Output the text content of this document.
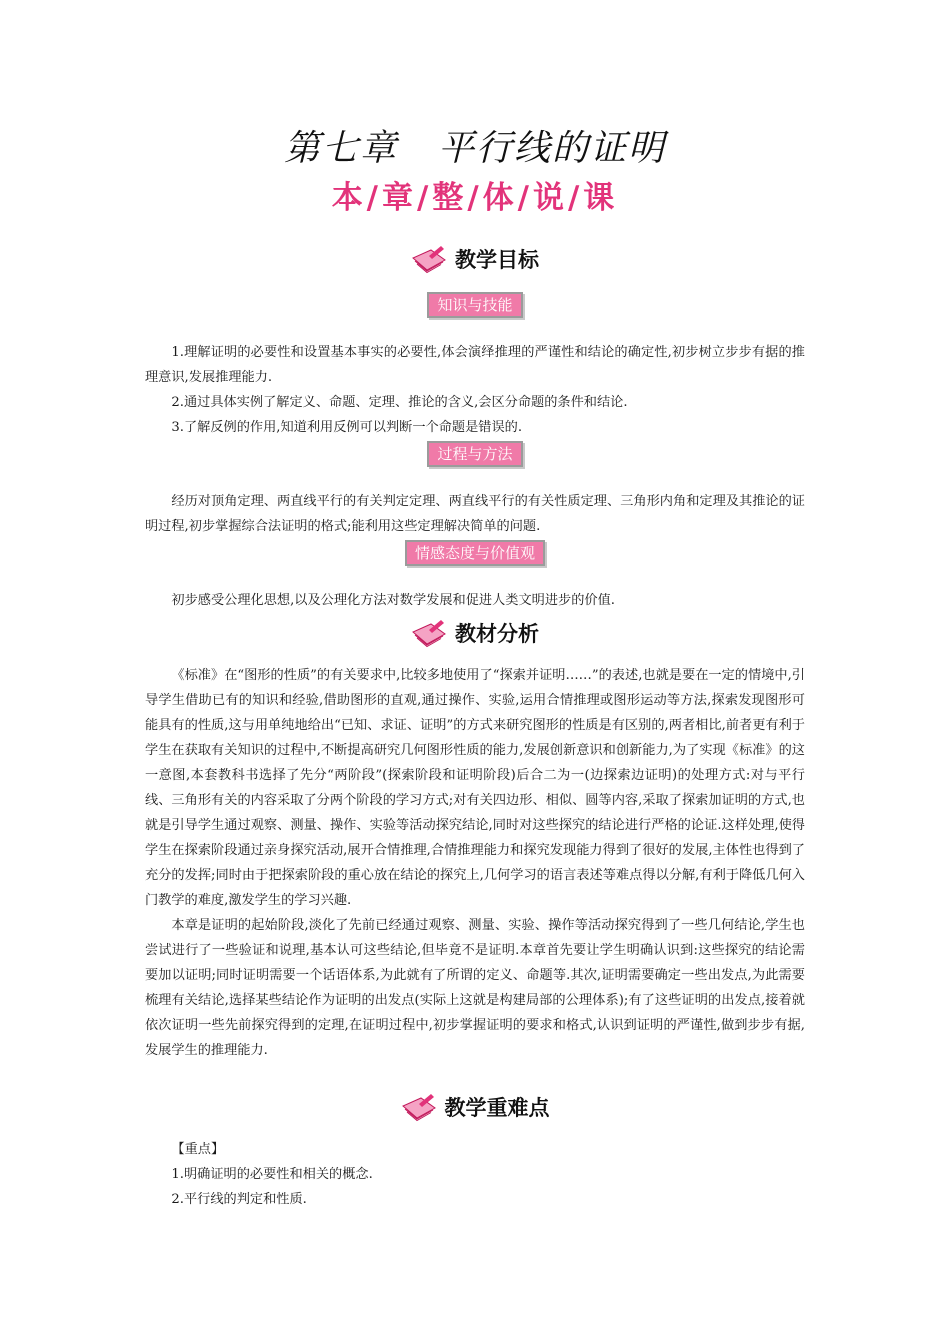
第七章 平行线的证明
本/章/整/体/说/课
教学目标
知识与技能

1.理解证明的必要性和设置基本事实的必要性,体会演绎推理的严谨性和结论的确定性,初步树立步步有据的推理意识,发展推理能力.

2.通过具体实例了解定义、命题、定理、推论的含义,会区分命题的条件和结论.

3.了解反例的作用,知道利用反例可以判断一个命题是错误的.

过程与方法

经历对顶角定理、两直线平行的有关判定定理、两直线平行的有关性质定理、三角形内角和定理及其推论的证明过程,初步掌握综合法证明的格式;能利用这些定理解决简单的问题.

情感态度与价值观

初步感受公理化思想,以及公理化方法对数学发展和促进人类文明进步的价值.

教材分析

《标准》在“图形的性质”的有关要求中,比较多地使用了“探索并证明……”的表述,也就是要在一定的情境中,引导学生借助已有的知识和经验,借助图形的直观,通过操作、实验,运用合情推理或图形运动等方法,探索发现图形可能具有的性质,这与用单纯地给出“已知、求证、证明”的方式来研究图形的性质是有区别的,两者相比,前者更有利于学生在获取有关知识的过程中,不断提高研究几何图形性质的能力,发展创新意识和创新能力,为了实现《标准》的这一意图,本套教科书选择了先分“两阶段”(探索阶段和证明阶段)后合二为一(边探索边证明)的处理方式:对与平行线、三角形有关的内容采取了分两个阶段的学习方式;对有关四边形、相似、圆等内容,采取了探索加证明的方式,也就是引导学生通过观察、测量、操作、实验等活动探究结论,同时对这些探究的结论进行严格的论证.这样处理,使得学生在探索阶段通过亲身探究活动,展开合情推理,合情推理能力和探究发现能力得到了很好的发展,主体性也得到了充分的发挥;同时由于把探索阶段的重心放在结论的探究上,几何学习的语言表述等难点得以分解,有利于降低几何入门教学的难度,激发学生的学习兴趣.

本章是证明的起始阶段,淡化了先前已经通过观察、测量、实验、操作等活动探究得到了一些几何结论,学生也尝试进行了一些验证和说理,基本认可这些结论,但毕竟不是证明.本章首先要让学生明确认识到:这些探究的结论需要加以证明;同时证明需要一个话语体系,为此就有了所谓的定义、命题等.其次,证明需要确定一些出发点,为此需要梳理有关结论,选择某些结论作为证明的出发点(实际上这就是构建局部的公理体系);有了这些证明的出发点,接着就依次证明一些先前探究得到的定理,在证明过程中,初步掌握证明的要求和格式,认识到证明的严谨性,做到步步有据,发展学生的推理能力.

教学重难点

【重点】

1.明确证明的必要性和相关的概念.

2.平行线的判定和性质.
